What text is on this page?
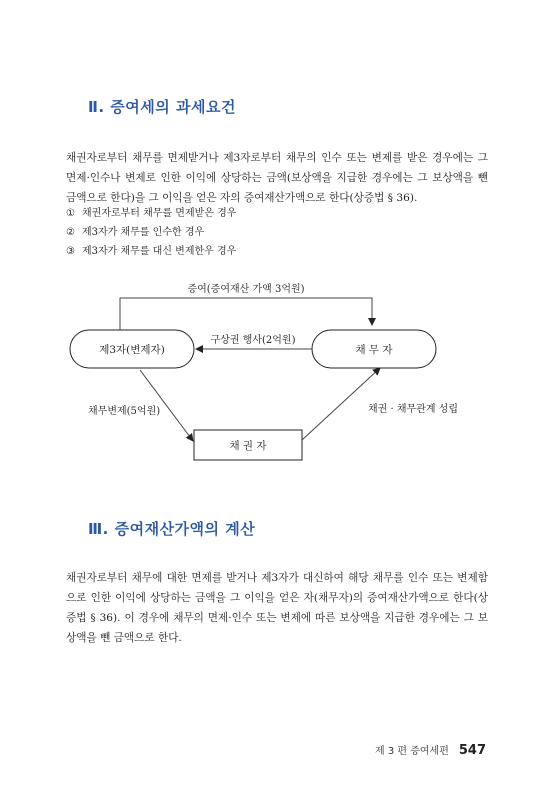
Ⅱ. 증여세의 과세요건

채권자로부터 채무를 면제받거나 제3자로부터 채무의 인수 또는 변제를 받은 경우에는 그 면제·인수나 변제로 인한 이익에 상당하는 금액(보상액을 지급한 경우에는 그 보상액을 뺀 금액으로 한다)을 그 이익을 얻은 자의 증여재산가액으로 한다(상증법 § 36).

① 채권자로부터 채무를 면제받은 경우
② 제3자가 채무를 인수한 경우
③ 제3자가 채무를 대신 변제한우 경우
증여(증여재산 가액 3억원)
제3자(변제자)	채 무 자
구상권 행사(2억원)
채 권 자
채무변제(5억원)	채권 · 채무관계 성립
Ⅲ. 증여재산가액의 계산

채권자로부터 채무에 대한 면제를 받거나 제3자가 대신하여 해당 채무를 인수 또는 변제함으로 인한 이익에 상당하는 금액을 그 이익을 얻은 자(채무자)의 증여재산가액으로 한다(상증법 § 36). 이 경우에 채무의 면제·인수 또는 변제에 따른 보상액을 지급한 경우에는 그 보상액을 뺀 금액으로 한다.

제 3 편 증여세편 547
